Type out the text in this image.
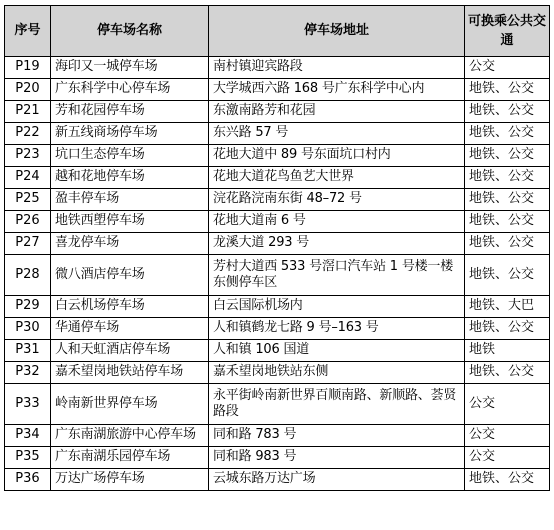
序号	停车场名称	停车场地址	可换乘公共交通
P19	海印又一城停车场	南村镇迎宾路段	公交
P20	广东科学中心停车场	大学城西六路 168 号广东科学中心内	地铁、公交
P21	芳和花园停车场	东激南路芳和花园	地铁、公交
P22	新五线商场停车场	东兴路 57 号	地铁、公交
P23	坑口生态停车场	花地大道中 89 号东面坑口村内	地铁、公交
P24	越和花地停车场	花地大道花鸟鱼艺大世界	地铁、公交
P25	盈丰停车场	浣花路浣南东街 48–72 号	地铁、公交
P26	地铁西塱停车场	花地大道南 6 号	地铁、公交
P27	喜龙停车场	龙溪大道 293 号	地铁、公交
P28	微八酒店停车场	芳村大道西 533 号滘口汽车站 1 号楼一楼东侧停车区	地铁、公交
P29	白云机场停车场	白云国际机场内	地铁、大巴
P30	华通停车场	人和镇鹤龙七路 9 号–163 号	地铁、公交
P31	人和天虹酒店停车场	人和镇 106 国道	地铁
P32	嘉禾望岗地铁站停车场	嘉禾望岗地铁站东侧	地铁、公交
P33	岭南新世界停车场	永平街岭南新世界百顺南路、新顺路、荟贤路段	公交
P34	广东南湖旅游中心停车场	同和路 783 号	公交
P35	广东南湖乐园停车场	同和路 983 号	公交
P36	万达广场停车场	云城东路万达广场	地铁、公交
